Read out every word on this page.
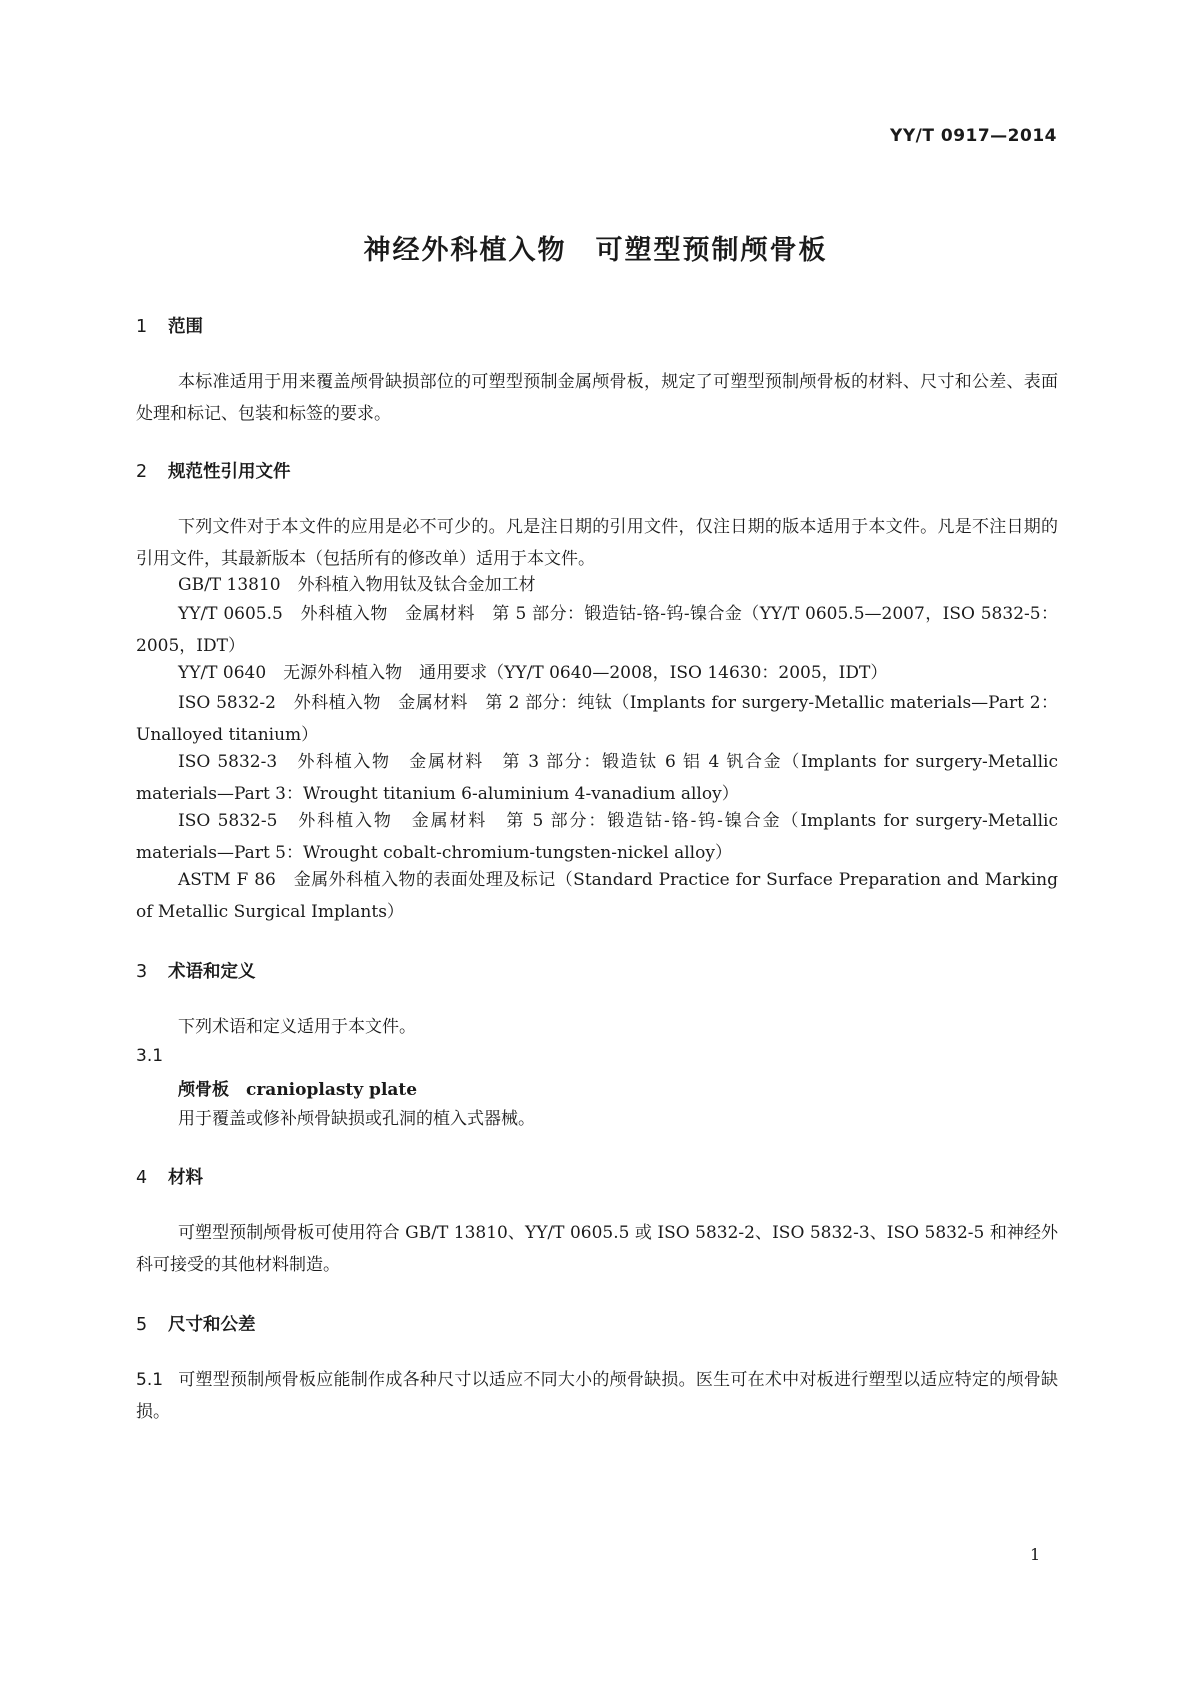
YY/T 0917—2014
神经外科植入物　可塑型预制颅骨板
1 范围
本标准适用于用来覆盖颅骨缺损部位的可塑型预制金属颅骨板，规定了可塑型预制颅骨板的材料、尺寸和公差、表面处理和标记、包装和标签的要求。
2 规范性引用文件
下列文件对于本文件的应用是必不可少的。凡是注日期的引用文件，仅注日期的版本适用于本文件。凡是不注日期的引用文件，其最新版本（包括所有的修改单）适用于本文件。
GB/T 13810　外科植入物用钛及钛合金加工材
YY/T 0605.5　外科植入物　金属材料　第 5 部分：锻造钴-铬-钨-镍合金（YY/T 0605.5—2007，ISO 5832-5：2005，IDT）
YY/T 0640　无源外科植入物　通用要求（YY/T 0640—2008，ISO 14630：2005，IDT）
ISO 5832-2　外科植入物　金属材料　第 2 部分：纯钛（Implants for surgery-Metallic materials—Part 2：Unalloyed titanium）
ISO 5832-3　外科植入物　金属材料　第 3 部分：锻造钛 6 铝 4 钒合金（Implants for surgery-Metallic materials—Part 3：Wrought titanium 6-aluminium 4-vanadium alloy）
ISO 5832-5　外科植入物　金属材料　第 5 部分：锻造钴-铬-钨-镍合金（Implants for surgery-Metallic materials—Part 5：Wrought cobalt-chromium-tungsten-nickel alloy）
ASTM F 86　金属外科植入物的表面处理及标记（Standard Practice for Surface Preparation and Marking of Metallic Surgical Implants）
3 术语和定义
下列术语和定义适用于本文件。
3.1
颅骨板　cranioplasty plate
用于覆盖或修补颅骨缺损或孔洞的植入式器械。
4 材料
可塑型预制颅骨板可使用符合 GB/T 13810、YY/T 0605.5 或 ISO 5832-2、ISO 5832-3、ISO 5832-5 和神经外科可接受的其他材料制造。
5 尺寸和公差
5.1 可塑型预制颅骨板应能制作成各种尺寸以适应不同大小的颅骨缺损。医生可在术中对板进行塑型以适应特定的颅骨缺损。
1
